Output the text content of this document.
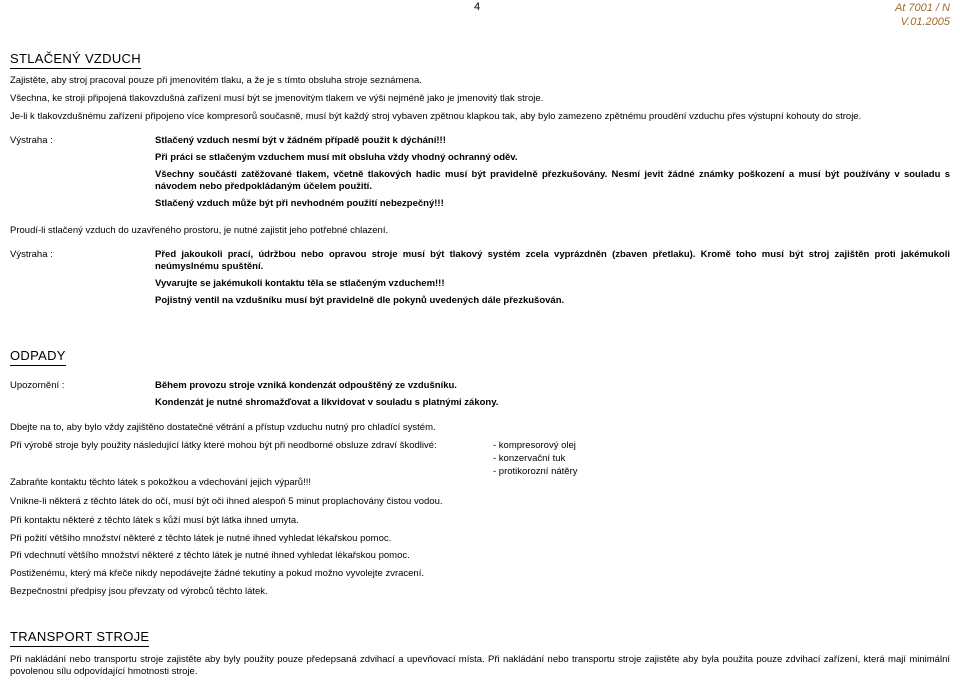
4	At 7001 / N
V.01.2005
STLAČENÝ VZDUCH
Zajistěte, aby stroj pracoval pouze při jmenovitém tlaku, a že je s tímto obsluha stroje seznámena.
Všechna, ke stroji připojená tlakovzdušná zařízení musí být se jmenovitým tlakem ve výši nejméně jako je jmenovitý tlak stroje.
Je-li k tlakovzdušnému zařízení připojeno více kompresorů současně, musí být každý stroj vybaven zpětnou klapkou tak, aby bylo zamezeno zpětnému proudění vzduchu přes výstupní kohouty do stroje.
Výstraha :	Stlačený vzduch nesmí být v žádném případě použit k dýchání!!!
Při práci se stlačeným vzduchem musí mít obsluha vždy vhodný ochranný oděv.
Všechny součásti zatěžované tlakem, včetně tlakových hadic musí být pravidelně přezkušovány. Nesmí jevit žádné známky poškození a musí být používány v souladu s návodem nebo předpokládaným účelem použití.
Stlačený vzduch může být při nevhodném použití nebezpečný!!!
Proudí-li stlačený vzduch do uzavřeného prostoru, je nutné zajistit jeho potřebné chlazení.
Výstraha :	Před jakoukoli prací, údržbou nebo opravou stroje musí být tlakový systém zcela vyprázdněn (zbaven přetlaku). Kromě toho musí být stroj zajištěn proti jakémukoli neúmyslnému spuštění.
Vyvarujte se jakémukoli kontaktu těla se stlačeným vzduchem!!!
Pojistný ventil na vzdušníku musí být pravidelně dle pokynů uvedených dále přezkušován.
ODPADY
Upozornění :	Během provozu stroje vzniká kondenzát odpouštěný ze vzdušníku.
Kondenzát je nutné shromažďovat a likvidovat v souladu s platnými zákony.
Dbejte na to, aby bylo vždy zajištěno dostatečné větrání a přístup vzduchu nutný pro chladící systém.
Při výrobě stroje byly použity následující látky které mohou být při neodborné obsluze zdraví škodlivé:	- kompresorový olej
- konzervační tuk
- protikorozní nátěry
Zabraňte kontaktu těchto látek s pokožkou a vdechování jejich výparů!!!
Vnikne-li některá z těchto látek do očí, musí být oči ihned alespoň 5 minut proplachovány čistou vodou.
Při kontaktu některé z těchto látek s kůží musí být látka ihned umyta.
Při požití většího množství některé z těchto látek je nutné ihned vyhledat lékařskou pomoc.
Při vdechnutí většího množství některé z těchto látek je nutné ihned vyhledat lékařskou pomoc.
Postiženému, který má křeče nikdy nepodávejte žádné tekutiny a pokud možno vyvolejte zvracení.
Bezpečnostní předpisy jsou převzaty od výrobců těchto látek.
TRANSPORT STROJE
Při nakládání nebo transportu stroje zajistěte aby byly použity pouze předepsaná zdvihací a upevňovací místa. Při nakládání nebo transportu stroje zajistěte aby byla použita pouze zdvihací zařízení, která mají minimální povolenou sílu odpovídající hmotnosti stroje.
